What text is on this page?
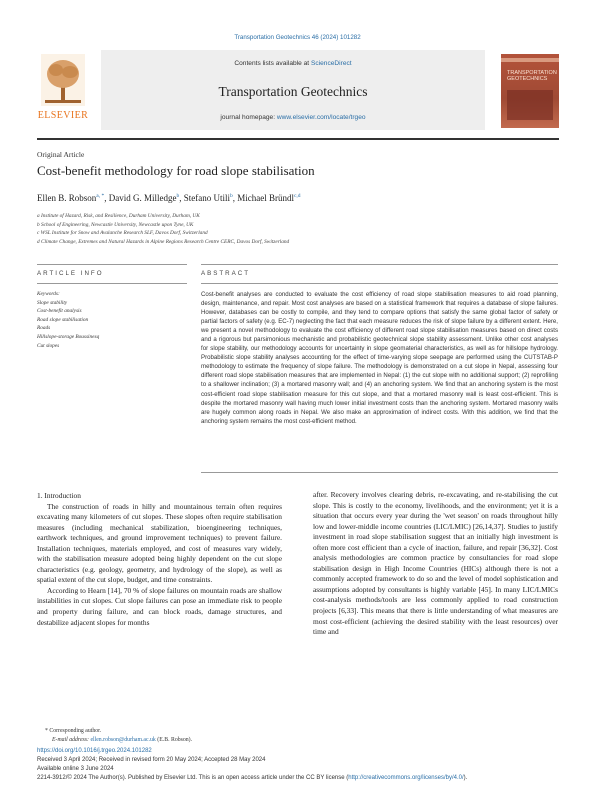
Transportation Geotechnics 46 (2024) 101282
ELSEVIER
Contents lists available at ScienceDirect
Transportation Geotechnics
journal homepage: www.elsevier.com/locate/trgeo
TRANSPORTATION GEOTECHNICS
Original Article
Cost-benefit methodology for road slope stabilisation
Ellen B. Robson$^{a, *}$, David G. Milledge$^b$, Stefano Utili$^b$, Michael Bründl$^{c,d}$
a Institute of Hazard, Risk, and Resilience, Durham University, Durham, UK
b School of Engineering, Newcastle University, Newcastle upon Tyne, UK
c WSL Institute for Snow and Avalanche Research SLF, Davos Dorf, Switzerland
d Climate Change, Extremes and Natural Hazards in Alpine Regions Research Centre CERC, Davos Dorf, Switzerland
ARTICLE INFO	ABSTRACT
Keywords:
Slope stability
Cost-benefit analysis
Road slope stabilisation
Roads
Hillslope-storage Boussinesq
Cut slopes
Cost-benefit analyses are conducted to evaluate the cost efficiency of road slope stabilisation measures to aid road planning, design, maintenance, and repair. Most cost analyses are based on a statistical framework that requires a database of slope failures. However, databases can be costly to compile, and they tend to compare options that satisfy the same global factor of safety or partial factors of safety (e.g. EC-7) neglecting the fact that each measure reduces the risk of slope failure by a different extent. Here, we present a novel methodology to evaluate the cost efficiency of different road slope stabilisation measures based on direct costs and a rigorous but parsimonious mechanistic and probabilistic geotechnical slope stability assessment. Unlike other cost analyses for slope stability, our methodology accounts for uncertainty in slope geomaterial characteristics, as well as for hillslope hydrology. Probabilistic slope stability analyses accounting for the effect of time-varying slope seepage are performed using the CUTSTAB-P methodology to estimate the frequency of slope failure. The methodology is demonstrated on a cut slope in Nepal, assessing four different road slope stabilisation measures that are implemented in Nepal: (1) the cut slope with no additional support; (2) reprofiling to a shallower inclination; (3) a mortared masonry wall; and (4) an anchoring system. We find that an anchoring system is the most cost-efficient road slope stabilisation measure for this cut slope, and that a mortared masonry wall is least cost-efficient. This is despite the mortared masonry wall having much lower initial investment costs than the anchoring system. Mortared masonry walls are hugely common along roads in Nepal. We also make an approximation of indirect costs. With this addition, we find that the anchoring system remains the most cost-efficient method.

1. Introduction

The construction of roads in hilly and mountainous terrain often requires excavating many kilometers of cut slopes. These slopes often require stabilisation measures (including mechanical stabilization, bioengineering techniques, earthwork techniques, and ground improvement techniques) to prevent failure. Installation techniques, materials employed, and cost of measures vary widely, with the stabilisation measure adopted being highly dependent on the cut slope characteristics (e.g. geology, geometry, and hydrology of the slope), as well as spatial extent of the cut slope, budget, and time constraints.

According to Hearn [14], 70 % of slope failures on mountain roads are shallow instabilities in cut slopes. Cut slope failures can pose an immediate risk to people and property during failure, and can block roads, damage structures, and destabilize adjacent slopes for months

after. Recovery involves clearing debris, re-excavating, and re-stabilising the cut slope. This is costly to the economy, livelihoods, and the environment; yet it is a situation that occurs every year during the 'wet season' on roads throughout hilly low and lower-middle income countries (LIC/LMIC) [26,14,37]. Studies to justify investment in road slope stabilisation suggest that an initially high investment is often more cost efficient than a cycle of inaction, failure, and repair [36,32]. Cost analysis methodologies are common practice by consultancies for road slope stabilisation design in High Income Countries (HICs) although there is not a commonly accepted framework to do so and the level of model sophistication and assumptions adopted by consultants is highly variable [45]. In many LIC/LMICs cost-analysis methods/tools are less commonly applied to road construction projects [6,33]. This means that there is little understanding of what measures are most cost-efficient (achieving the desired stability with the least resources) over time and

* Corresponding author.
E-mail address: ellen.robson@durham.ac.uk (E.B. Robson).
https://doi.org/10.1016/j.trgeo.2024.101282
Received 3 April 2024; Received in revised form 20 May 2024; Accepted 28 May 2024
Available online 3 June 2024
2214-3912/© 2024 The Author(s). Published by Elsevier Ltd. This is an open access article under the CC BY license (http://creativecommons.org/licenses/by/4.0/).
